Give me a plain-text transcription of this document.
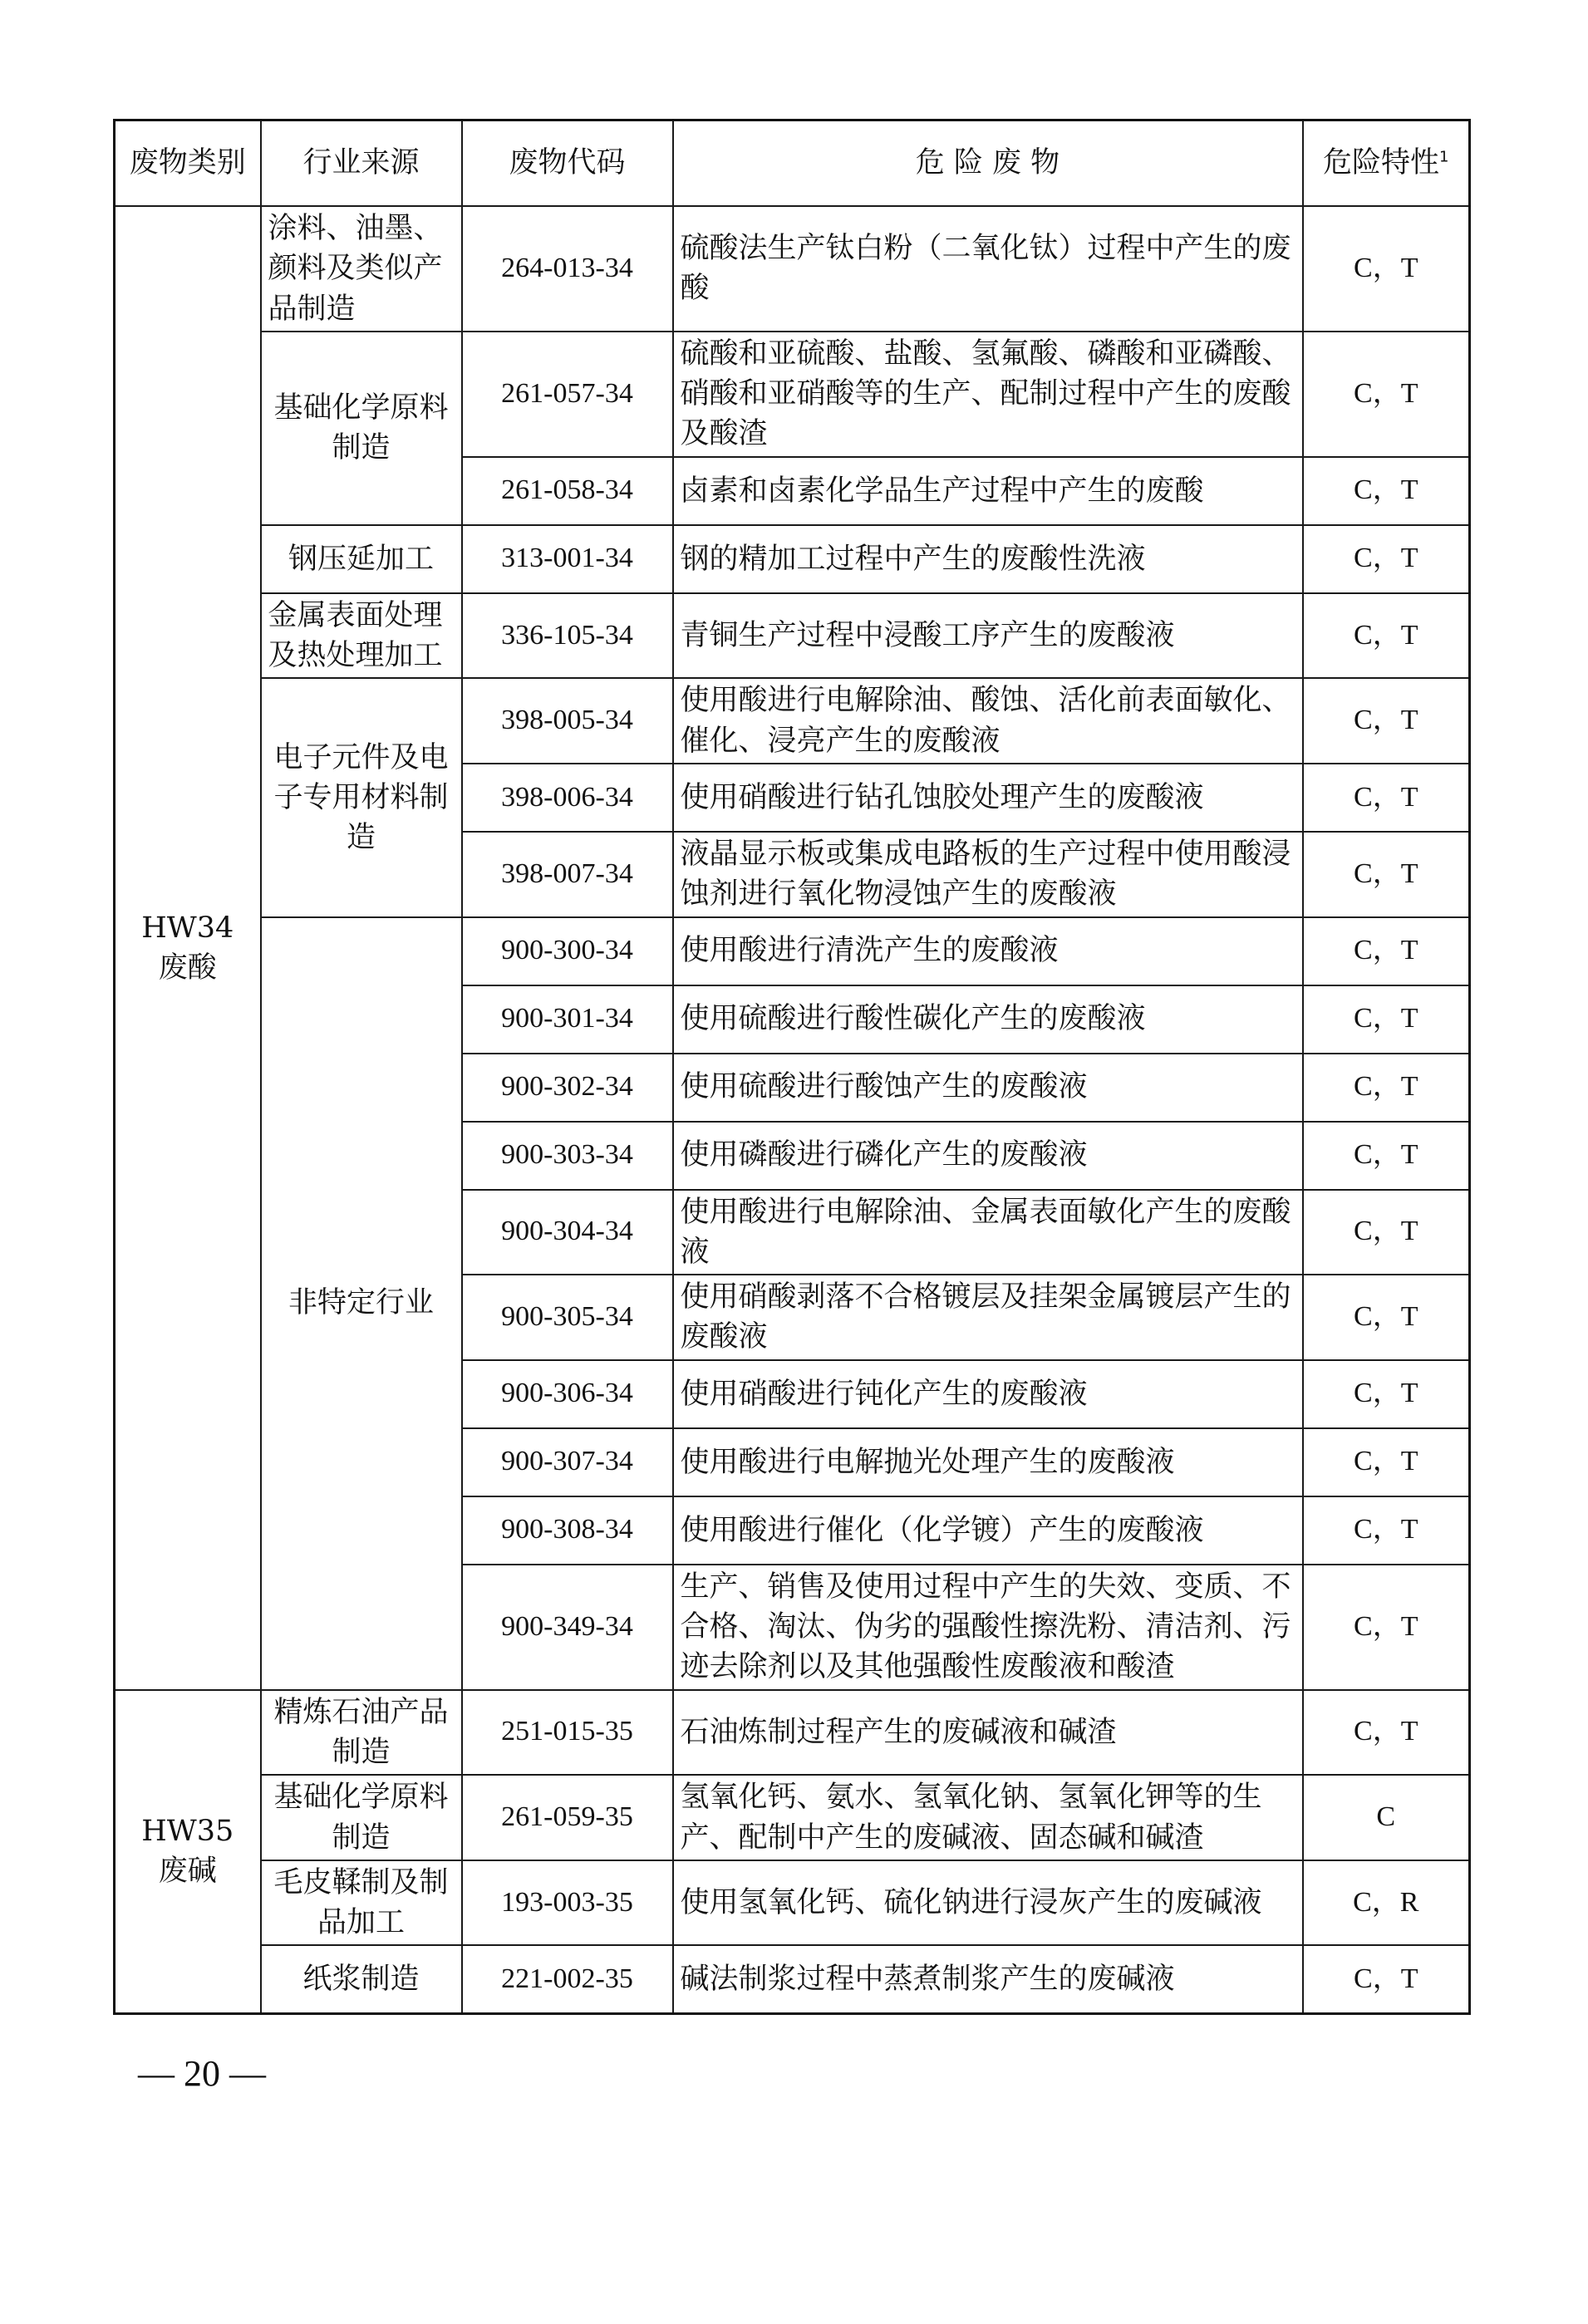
废物类别	行业来源	废物代码	危 险 废 物	危险特性$^1$
HW34
废酸	涂料、油墨、颜料及类似产品制造	264-013-34	硫酸法生产钛白粉（二氧化钛）过程中产生的废酸	C，T
	基础化学原料制造	261-057-34	硫酸和亚硫酸、盐酸、氢氟酸、磷酸和亚磷酸、硝酸和亚硝酸等的生产、配制过程中产生的废酸及酸渣	C，T
		261-058-34	卤素和卤素化学品生产过程中产生的废酸	C，T
	钢压延加工	313-001-34	钢的精加工过程中产生的废酸性洗液	C，T
	金属表面处理及热处理加工	336-105-34	青铜生产过程中浸酸工序产生的废酸液	C，T
	电子元件及电子专用材料制造	398-005-34	使用酸进行电解除油、酸蚀、活化前表面敏化、催化、浸亮产生的废酸液	C，T
		398-006-34	使用硝酸进行钻孔蚀胶处理产生的废酸液	C，T
		398-007-34	液晶显示板或集成电路板的生产过程中使用酸浸蚀剂进行氧化物浸蚀产生的废酸液	C，T
	非特定行业	900-300-34	使用酸进行清洗产生的废酸液	C，T
		900-301-34	使用硫酸进行酸性碳化产生的废酸液	C，T
		900-302-34	使用硫酸进行酸蚀产生的废酸液	C，T
		900-303-34	使用磷酸进行磷化产生的废酸液	C，T
		900-304-34	使用酸进行电解除油、金属表面敏化产生的废酸液	C，T
		900-305-34	使用硝酸剥落不合格镀层及挂架金属镀层产生的废酸液	C，T
		900-306-34	使用硝酸进行钝化产生的废酸液	C，T
		900-307-34	使用酸进行电解抛光处理产生的废酸液	C，T
		900-308-34	使用酸进行催化（化学镀）产生的废酸液	C，T
		900-349-34	生产、销售及使用过程中产生的失效、变质、不合格、淘汰、伪劣的强酸性擦洗粉、清洁剂、污迹去除剂以及其他强酸性废酸液和酸渣	C，T
HW35
废碱	精炼石油产品制造	251-015-35	石油炼制过程产生的废碱液和碱渣	C，T
	基础化学原料制造	261-059-35	氢氧化钙、氨水、氢氧化钠、氢氧化钾等的生产、配制中产生的废碱液、固态碱和碱渣	C
	毛皮鞣制及制品加工	193-003-35	使用氢氧化钙、硫化钠进行浸灰产生的废碱液	C，R
	纸浆制造	221-002-35	碱法制浆过程中蒸煮制浆产生的废碱液	C，T
— 20 —
